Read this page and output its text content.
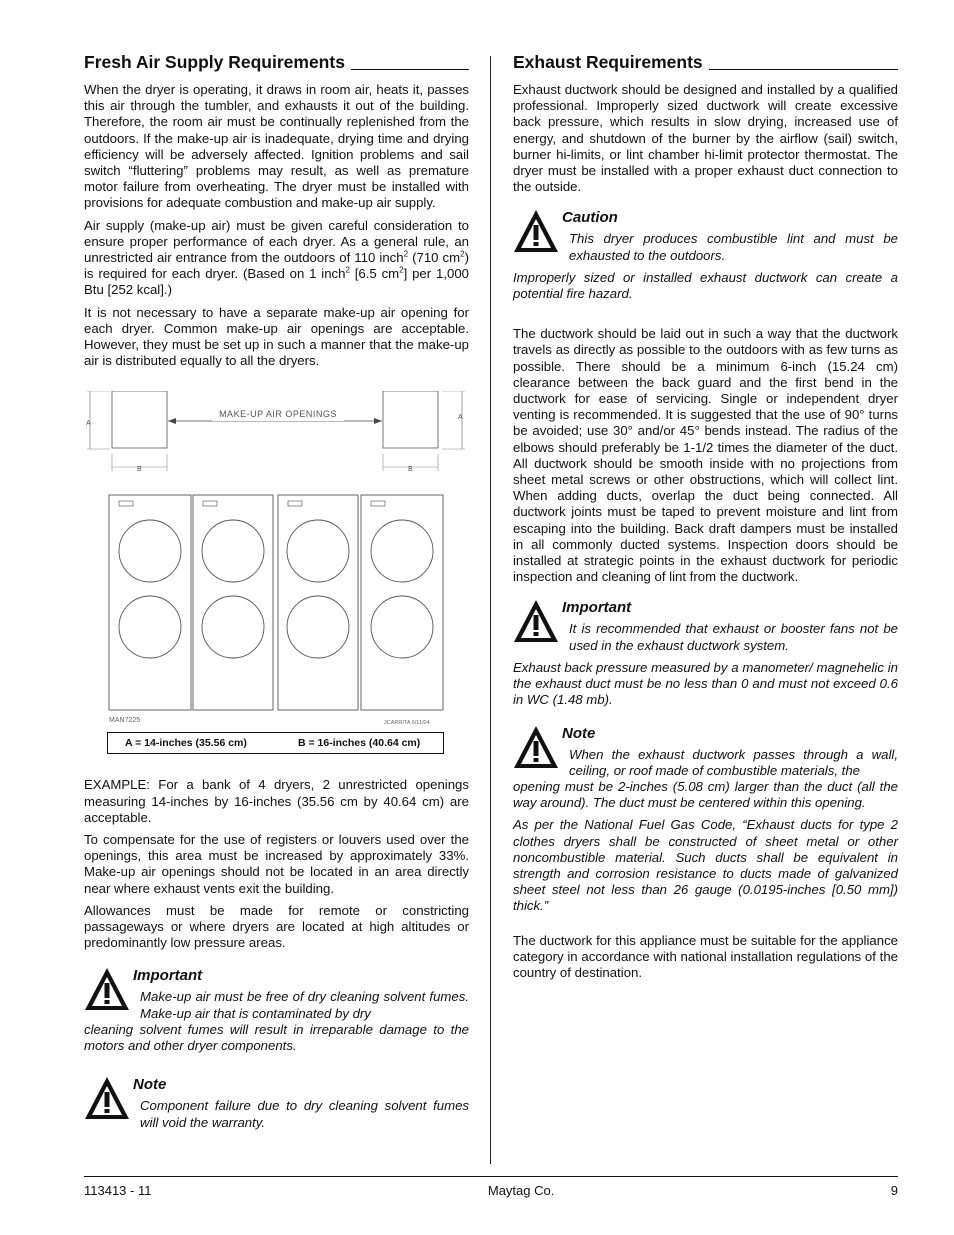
Fresh Air Supply Requirements

When the dryer is operating, it draws in room air, heats it, passes this air through the tumbler, and exhausts it out of the building. Therefore, the room air must be continually replenished from the outdoors. If the make-up air is inadequate, drying time and drying efficiency will be adversely affected. Ignition problems and sail switch “fluttering” problems may result, as well as premature motor failure from overheating. The dryer must be installed with provisions for adequate combustion and make-up air supply.

Air supply (make-up air) must be given careful consideration to ensure proper performance of each dryer. As a general rule, an unrestricted air entrance from the outdoors of 110 inch$^2$ (710 $cm^2$) is required for each dryer. (Based on 1 inch$^2$ [6.5 $cm^2$] per 1,000 Btu [252 kcal].)

It is not necessary to have a separate make-up air opening for each dryer. Common make-up air openings are acceptable. However, they must be set up in such a manner that the make-up air is distributed equally to all the dryers.

A
B
MAKE-UP AIR OPENINGS	A
B
MAN7225	JCARRITA 6/11/04
A = 14-inches (35.56 cm)	B = 16-inches (40.64 cm)

EXAMPLE: For a bank of 4 dryers, 2 unrestricted openings measuring 14-inches by 16-inches (35.56 cm by 40.64 cm) are acceptable.

To compensate for the use of registers or louvers used over the openings, this area must be increased by approximately 33%. Make-up air openings should not be located in an area directly near where exhaust vents exit the building.

Allowances must be made for remote or constricting passageways or where dryers are located at high altitudes or predominantly low pressure areas.

Important

Make-up air must be free of dry cleaning solvent fumes. Make-up air that is contaminated by dry
cleaning solvent fumes will result in irreparable damage to the motors and other dryer components.

Note

Component failure due to dry cleaning solvent fumes will void the warranty.

Exhaust Requirements

Exhaust ductwork should be designed and installed by a qualified professional. Improperly sized ductwork will create excessive back pressure, which results in slow drying, increased use of energy, and shutdown of the burner by the airflow (sail) switch, burner hi-limits, or lint chamber hi-limit protector thermostat. The dryer must be installed with a proper exhaust duct connection to the outside.

Caution

This dryer produces combustible lint and must be exhausted to the outdoors.

Improperly sized or installed exhaust ductwork can create a potential fire hazard.

The ductwork should be laid out in such a way that the ductwork travels as directly as possible to the outdoors with as few turns as possible. There should be a minimum 6-inch (15.24 cm) clearance between the back guard and the first bend in the ductwork for ease of servicing. Single or independent dryer venting is recommended. It is suggested that the use of 90° turns be avoided; use 30° and/or 45° bends instead. The radius of the elbows should preferably be 1-1/2 times the diameter of the duct. All ductwork should be smooth inside with no projections from sheet metal screws or other obstructions, which will collect lint. When adding ducts, overlap the duct being connected. All ductwork joints must be taped to prevent moisture and lint from escaping into the building. Back draft dampers must be installed in all commonly ducted systems. Inspection doors should be installed at strategic points in the exhaust ductwork for periodic inspection and cleaning of lint from the ductwork.

Important

It is recommended that exhaust or booster fans not be used in the exhaust ductwork system.

Exhaust back pressure measured by a manometer/ magnehelic in the exhaust duct must be no less than 0 and must not exceed 0.6 in WC (1.48 mb).

Note

When the exhaust ductwork passes through a wall, ceiling, or roof made of combustible materials, the
opening must be 2-inches (5.08 cm) larger than the duct (all the way around). The duct must be centered within this opening.

As per the National Fuel Gas Code, “Exhaust ducts for type 2 clothes dryers shall be constructed of sheet metal or other noncombustible material. Such ducts shall be equivalent in strength and corrosion resistance to ducts made of galvanized sheet steel not less than 26 gauge (0.0195-inches [0.50 mm]) thick.”

The ductwork for this appliance must be suitable for the appliance category in accordance with national installation regulations of the country of destination.

113413 - 11	Maytag Co.	9
